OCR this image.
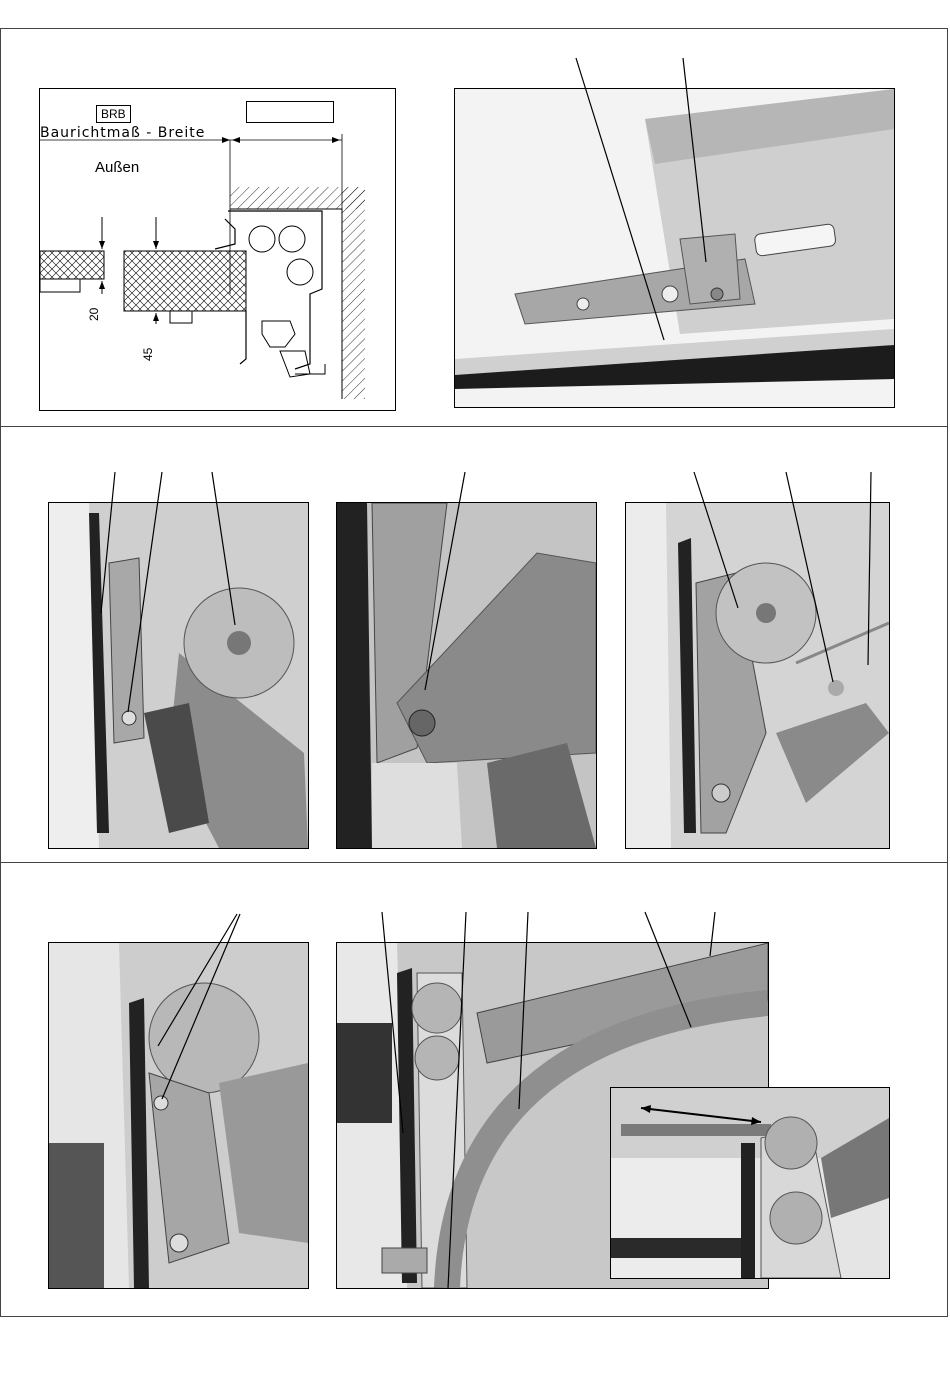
BRB
Baurichtmaß - Breite
Außen
20
45
